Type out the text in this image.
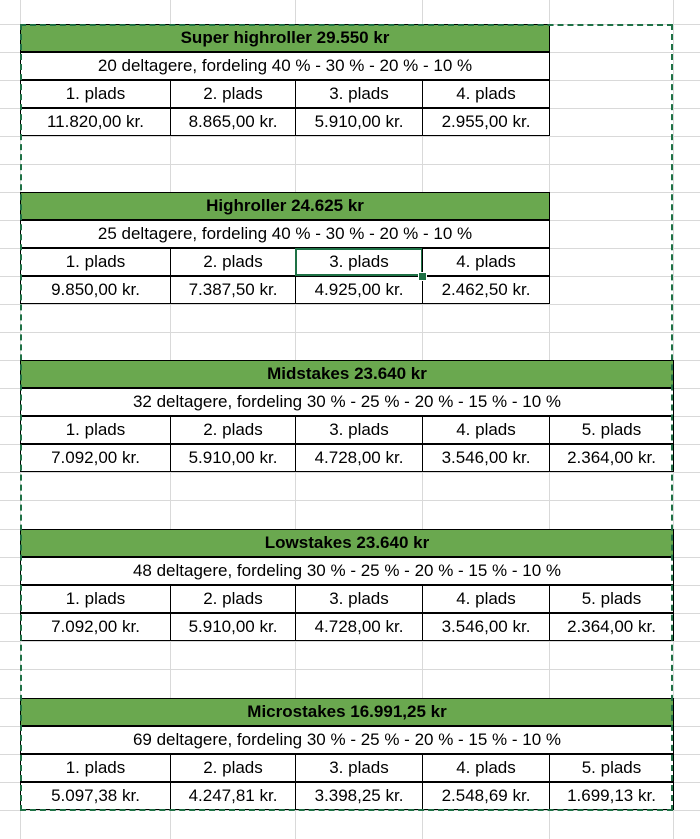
Super highroller 29.550 kr
20 deltagere, fordeling 40 % - 30 % - 20 % - 10 %
1. plads	2. plads	3. plads	4. plads
11.820,00 kr.	8.865,00 kr.	5.910,00 kr.	2.955,00 kr.
Highroller 24.625 kr
25 deltagere, fordeling 40 % - 30 % - 20 % - 10 %
1. plads	2. plads	3. plads	4. plads
9.850,00 kr.	7.387,50 kr.	4.925,00 kr.	2.462,50 kr.
Midstakes 23.640 kr
32 deltagere, fordeling 30 % - 25 % - 20 % - 15 % - 10 %
1. plads	2. plads	3. plads	4. plads	5. plads
7.092,00 kr.	5.910,00 kr.	4.728,00 kr.	3.546,00 kr.	2.364,00 kr.
Lowstakes 23.640 kr
48 deltagere, fordeling 30 % - 25 % - 20 % - 15 % - 10 %
1. plads	2. plads	3. plads	4. plads	5. plads
7.092,00 kr.	5.910,00 kr.	4.728,00 kr.	3.546,00 kr.	2.364,00 kr.
Microstakes 16.991,25 kr
69 deltagere, fordeling 30 % - 25 % - 20 % - 15 % - 10 %
1. plads	2. plads	3. plads	4. plads	5. plads
5.097,38 kr.	4.247,81 kr.	3.398,25 kr.	2.548,69 kr.	1.699,13 kr.
